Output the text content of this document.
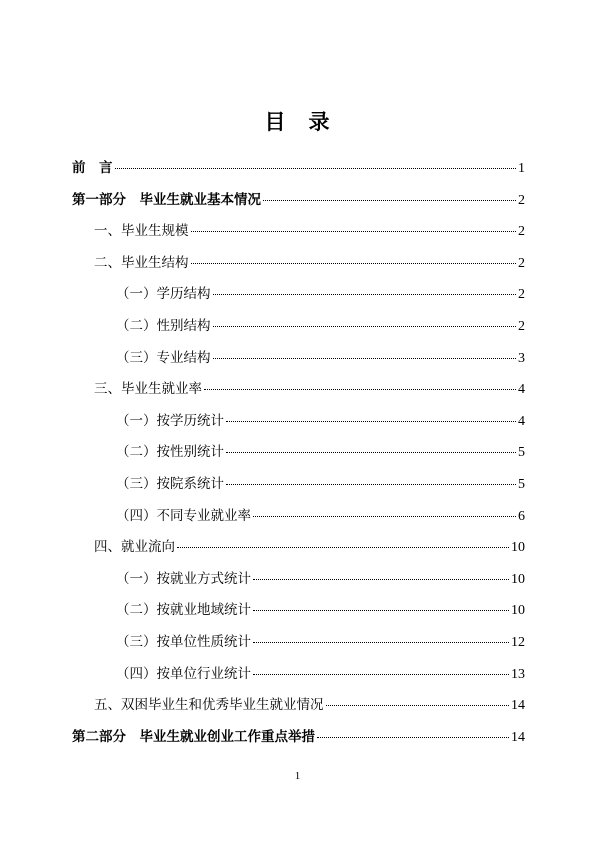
目　录
前　言	1
第一部分　毕业生就业基本情况	2
一、毕业生规模	2
二、毕业生结构	2
（一）学历结构	2
（二）性别结构	2
（三）专业结构	3
三、毕业生就业率	4
（一）按学历统计	4
（二）按性别统计	5
（三）按院系统计	5
（四）不同专业就业率	6
四、就业流向	10
（一）按就业方式统计	10
（二）按就业地域统计	10
（三）按单位性质统计	12
（四）按单位行业统计	13
五、双困毕业生和优秀毕业生就业情况	14
第二部分　毕业生就业创业工作重点举措	14
1
